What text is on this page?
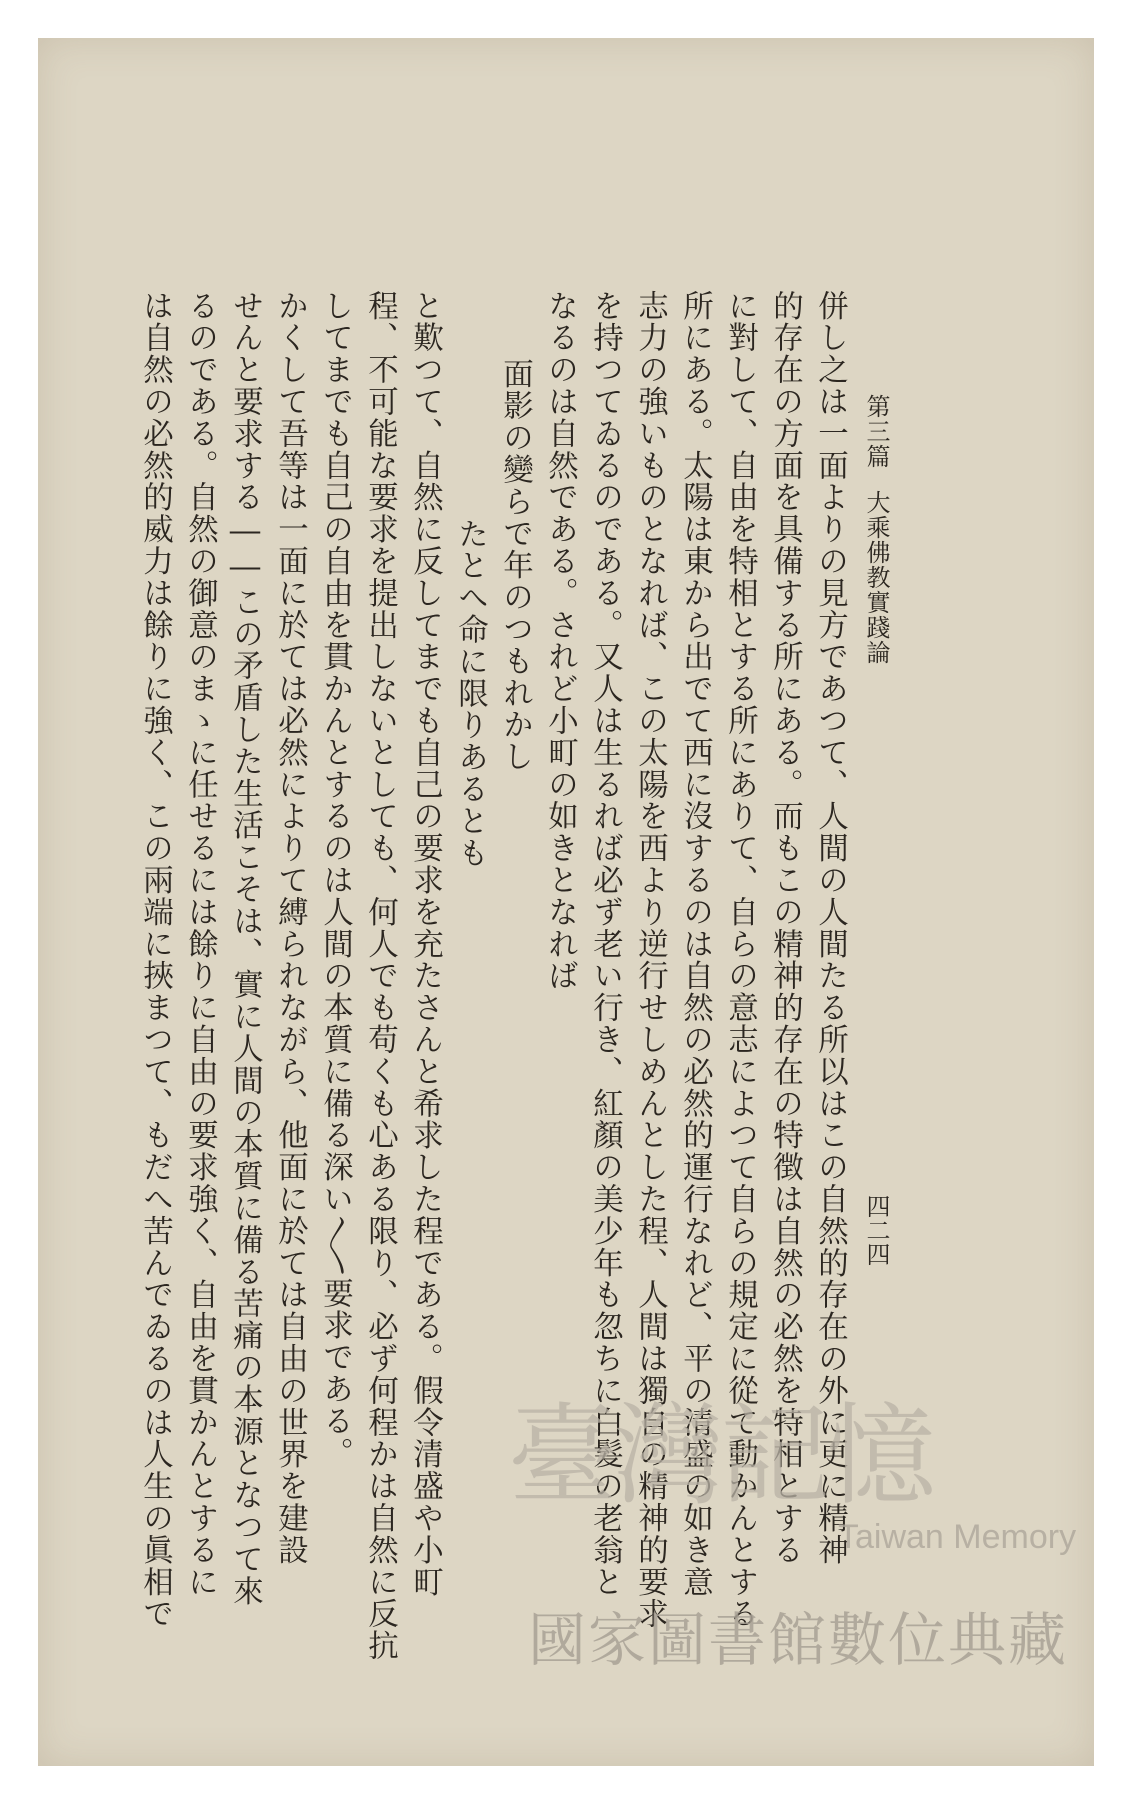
第三篇
大乘佛教實踐論
四二四
併し之は一面よりの見方であつて、人間の人間たる所以はこの自然的存在の外に更に精神
的存在の方面を具備する所にある。而もこの精神的存在の特徴は自然の必然を特相とする
に對して、自由を特相とする所にありて、自らの意志によつて自らの規定に從て動かんとする
所にある。太陽は東から出でて西に沒するのは自然の必然的運行なれど、平の清盛の如き意
志力の強いものとなれば、この太陽を西より逆行せしめんとした程、人間は獨自の精神的要求
を持つてゐるのである。又人は生るれば必ず老い行き、紅顏の美少年も忽ちに白髮の老翁と
なるのは自然である。されど小町の如きとなれば
面影の變らで年のつもれかし
たとへ命に限りあるとも
と歎つて、自然に反してまでも自己の要求を充たさんと希求した程である。假令清盛や小町
程、不可能な要求を提出しないとしても、何人でも苟くも心ある限り、必ず何程かは自然に反抗
してまでも自己の自由を貫かんとするのは人間の本質に備る深い〳〵要求である。
かくして吾等は一面に於ては必然によりて縛られながら、他面に於ては自由の世界を建設
せんと要求する――この矛盾した生活こそは、實に人間の本質に備る苦痛の本源となつて來
るのである。自然の御意のまゝに任せるには餘りに自由の要求強く、自由を貫かんとするに
は自然の必然的威力は餘りに強く、この兩端に挾まつて、もだへ苦んでゐるのは人生の眞相で	臺灣記憶
Taiwan Memory
國家圖書館數位典藏
